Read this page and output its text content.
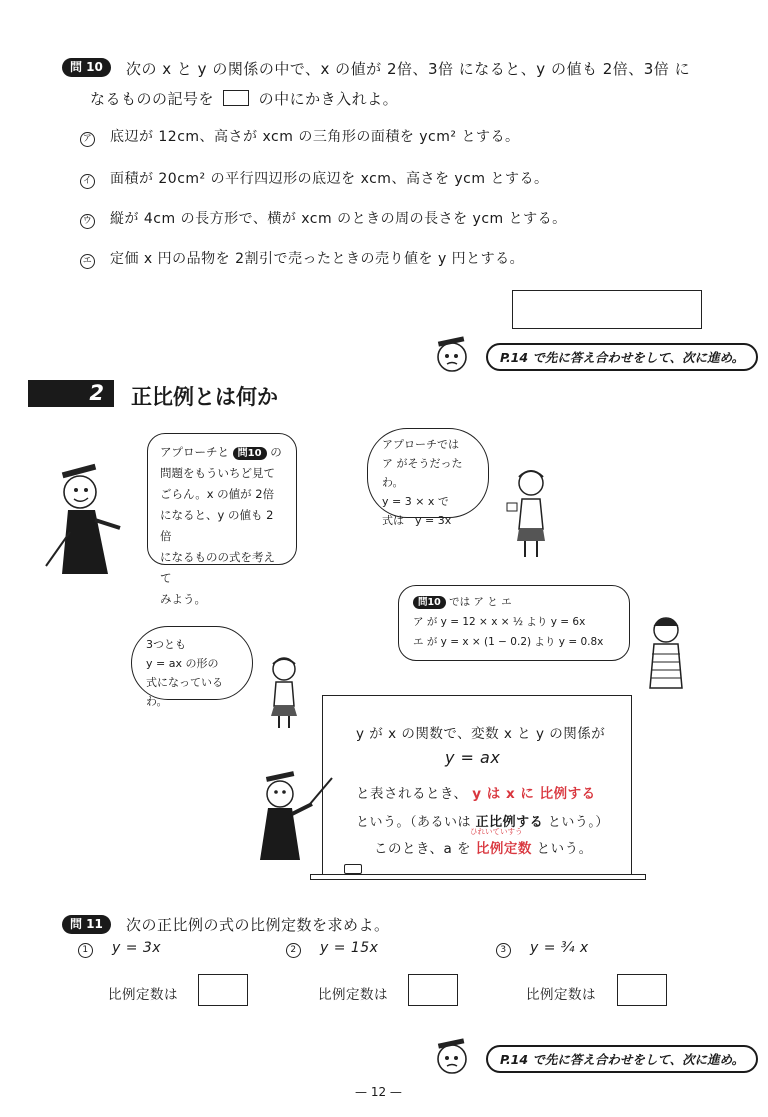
問 10	次の x と y の関係の中で、x の値が 2倍、3倍 になると、y の値も 2倍、3倍 に
なるものの記号を	の中にかき入れよ。
ア 底辺が 12cm、高さが xcm の三角形の面積を ycm² とする。
イ 面積が 20cm² の平行四辺形の底辺を xcm、高さを ycm とする。
ウ 縦が 4cm の長方形で、横が xcm のときの周の長さを ycm とする。
エ 定価 x 円の品物を 2割引で売ったときの売り値を y 円とする。
P.14 で先に答え合わせをして、次に進め。
2 正比例とは何か
アプローチと 問10 の
問題をもういちど見て
ごらん。x の値が 2倍
になると、y の値も 2倍
になるものの式を考えて
みよう。
アプローチでは
ア がそうだったわ。
y = 3 × x で
式は　y = 3x
問10 では ア と エ
ア が y = 12 × x × ½ より y = 6x
エ が y = x × (1 − 0.2) より y = 0.8x
3つとも
y = ax の形の
式になっているわ。
y が x の関数で、変数 x と y の関係が
y = ax
と表されるとき、 y は x に 比例する
という。（あるいは 正比例する という。）
ひれいていすう
このとき、a を 比例定数 という。
問 11	次の正比例の式の比例定数を求めよ。
1 y = 3x	2 y = 15x	3 y = ¾ x
比例定数は	比例定数は	比例定数は
P.14 で先に答え合わせをして、次に進め。
— 12 —
